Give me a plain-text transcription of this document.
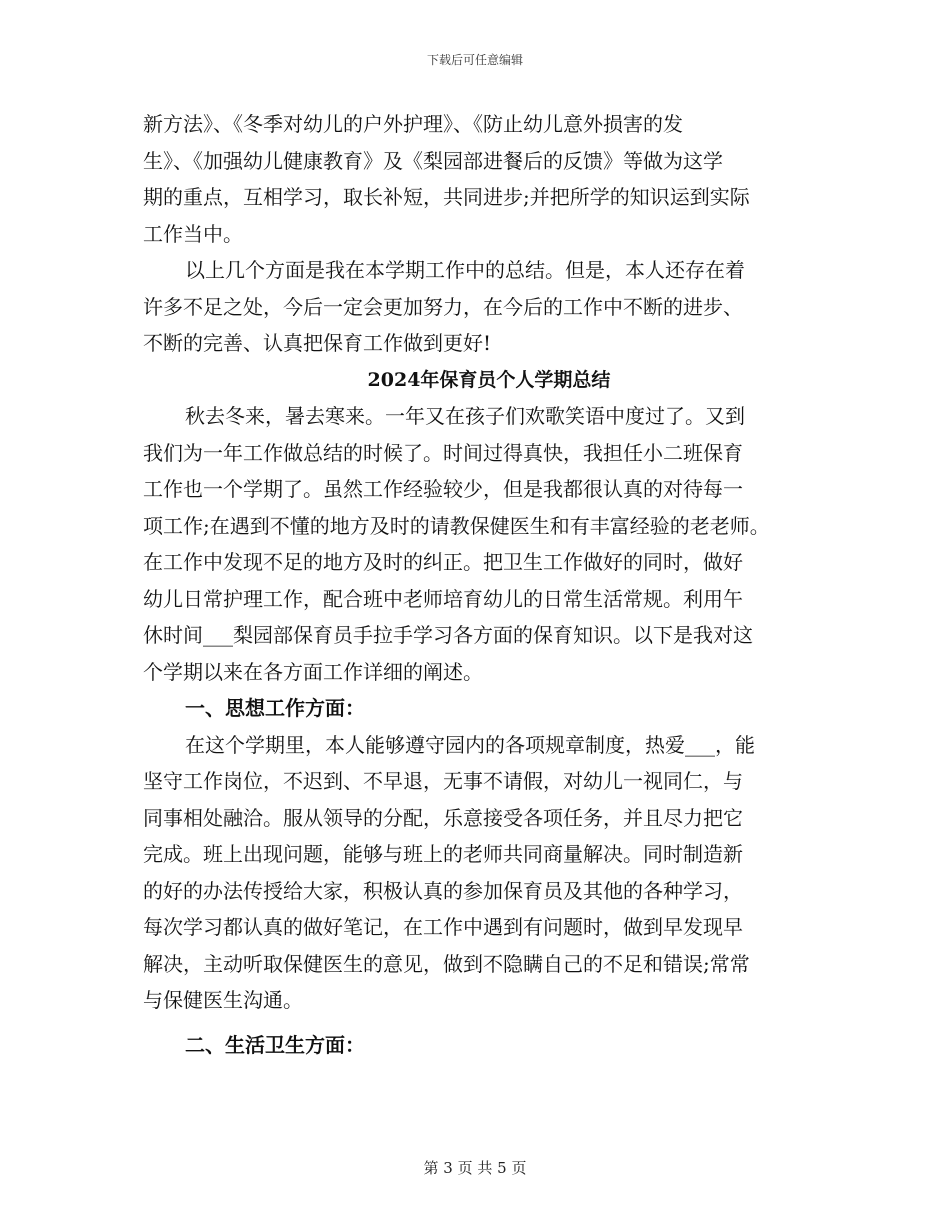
下载后可任意编辑
新方法》、《冬季对幼儿的户外护理》、《防止幼儿意外损害的发
生》、《加强幼儿健康教育》及《梨园部进餐后的反馈》等做为这学
期的重点，互相学习，取长补短，共同进步;并把所学的知识运到实际
工作当中。
以上几个方面是我在本学期工作中的总结。但是，本人还存在着
许多不足之处，今后一定会更加努力，在今后的工作中不断的进步、
不断的完善、认真把保育工作做到更好!
2024年保育员个人学期总结
秋去冬来，暑去寒来。一年又在孩子们欢歌笑语中度过了。又到
我们为一年工作做总结的时候了。时间过得真快，我担任小二班保育
工作也一个学期了。虽然工作经验较少，但是我都很认真的对待每一
项工作;在遇到不懂的地方及时的请教保健医生和有丰富经验的老老师。
在工作中发现不足的地方及时的纠正。把卫生工作做好的同时，做好
幼儿日常护理工作，配合班中老师培育幼儿的日常生活常规。利用午
休时间___梨园部保育员手拉手学习各方面的保育知识。以下是我对这
个学期以来在各方面工作详细的阐述。
一、思想工作方面：
在这个学期里，本人能够遵守园内的各项规章制度，热爱___，能
坚守工作岗位，不迟到、不早退，无事不请假，对幼儿一视同仁，与
同事相处融洽。服从领导的分配，乐意接受各项任务，并且尽力把它
完成。班上出现问题，能够与班上的老师共同商量解决。同时制造新
的好的办法传授给大家，积极认真的参加保育员及其他的各种学习，
每次学习都认真的做好笔记，在工作中遇到有问题时，做到早发现早
解决，主动听取保健医生的意见，做到不隐瞒自己的不足和错误;常常
与保健医生沟通。
二、生活卫生方面：
第 3 页 共 5 页
